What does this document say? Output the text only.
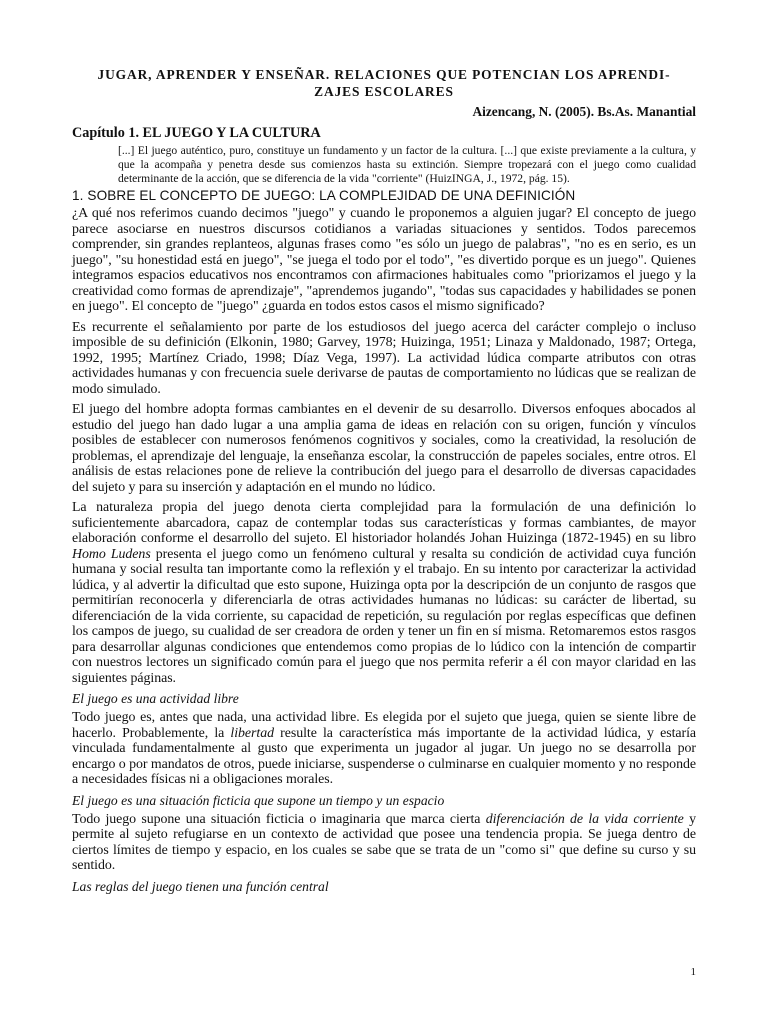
JUGAR, APRENDER Y ENSEÑAR. RELACIONES QUE POTENCIAN LOS APRENDI-
ZAJES ESCOLARES
Aizencang, N. (2005). Bs.As. Manantial
Capítulo 1. EL JUEGO Y LA CULTURA
[...] El juego auténtico, puro, constituye un fundamento y un factor de la cultura. [...] que existe previamente a la cultura, y que la acompaña y penetra desde sus comienzos hasta su extinción. Siempre tropezará con el juego como cualidad determinante de la acción, que se diferencia de la vida "corriente" (HuizINGA, J., 1972, pág. 15).
1. SOBRE EL CONCEPTO DE JUEGO: LA COMPLEJIDAD DE UNA DEFINICIÓN

¿A qué nos referimos cuando decimos "juego" y cuando le proponemos a alguien jugar? El concepto de juego parece asociarse en nuestros discursos cotidianos a variadas situaciones y sentidos. Todos parecemos comprender, sin grandes replanteos, algunas frases como "es sólo un juego de palabras", "no es en serio, es un juego", "su honestidad está en juego", "se juega el todo por el todo", "es divertido porque es un juego". Quienes integramos espacios educativos nos encontramos con afirmaciones habituales como "priorizamos el juego y la creatividad como formas de aprendizaje", "aprendemos jugando", "todas sus capacidades y habilidades se ponen en juego". El concepto de "juego" ¿guarda en todos estos casos el mismo significado?

Es recurrente el señalamiento por parte de los estudiosos del juego acerca del carácter complejo o incluso imposible de su definición (Elkonin, 1980; Garvey, 1978; Huizinga, 1951; Linaza y Maldonado, 1987; Ortega, 1992, 1995; Martínez Criado, 1998; Díaz Vega, 1997). La actividad lúdica comparte atributos con otras actividades humanas y con frecuencia suele derivarse de pautas de comportamiento no lúdicas que se realizan de modo simulado.

El juego del hombre adopta formas cambiantes en el devenir de su desarrollo. Diversos enfoques abocados al estudio del juego han dado lugar a una amplia gama de ideas en relación con su origen, función y vínculos posibles de establecer con numerosos fenómenos cognitivos y sociales, como la creatividad, la resolución de problemas, el aprendizaje del lenguaje, la enseñanza escolar, la construcción de papeles sociales, entre otros. El análisis de estas relaciones pone de relieve la contribución del juego para el desarrollo de diversas capacidades del sujeto y para su inserción y adaptación en el mundo no lúdico.

La naturaleza propia del juego denota cierta complejidad para la formulación de una definición lo suficientemente abarcadora, capaz de contemplar todas sus características y formas cambiantes, de mayor elaboración conforme el desarrollo del sujeto. El historiador holandés Johan Huizinga (1872-1945) en su libro Homo Ludens presenta el juego como un fenómeno cultural y resalta su condición de actividad cuya función humana y social resulta tan importante como la reflexión y el trabajo. En su intento por caracterizar la actividad lúdica, y al advertir la dificultad que esto supone, Huizinga opta por la descripción de un conjunto de rasgos que permitirían reconocerla y diferenciarla de otras actividades humanas no lúdicas: su carácter de libertad, su diferenciación de la vida corriente, su capacidad de repetición, su regulación por reglas específicas que definen los campos de juego, su cualidad de ser creadora de orden y tener un fin en sí misma. Retomaremos estos rasgos para desarrollar algunas condiciones que entendemos como propias de lo lúdico con la intención de compartir con nuestros lectores un significado común para el juego que nos permita referir a él con mayor claridad en las siguientes páginas.

El juego es una actividad libre

Todo juego es, antes que nada, una actividad libre. Es elegida por el sujeto que juega, quien se siente libre de hacerlo. Probablemente, la libertad resulte la característica más importante de la actividad lúdica, y estaría vinculada fundamentalmente al gusto que experimenta un jugador al jugar. Un juego no se desarrolla por encargo o por mandatos de otros, puede iniciarse, suspenderse o culminarse en cualquier momento y no responde a necesidades físicas ni a obligaciones morales.

El juego es una situación ficticia que supone un tiempo y un espacio

Todo juego supone una situación ficticia o imaginaria que marca cierta diferenciación de la vida corriente y permite al sujeto refugiarse en un contexto de actividad que posee una tendencia propia. Se juega dentro de ciertos límites de tiempo y espacio, en los cuales se sabe que se trata de un "como si" que define su curso y su sentido.

Las reglas del juego tienen una función central
1
